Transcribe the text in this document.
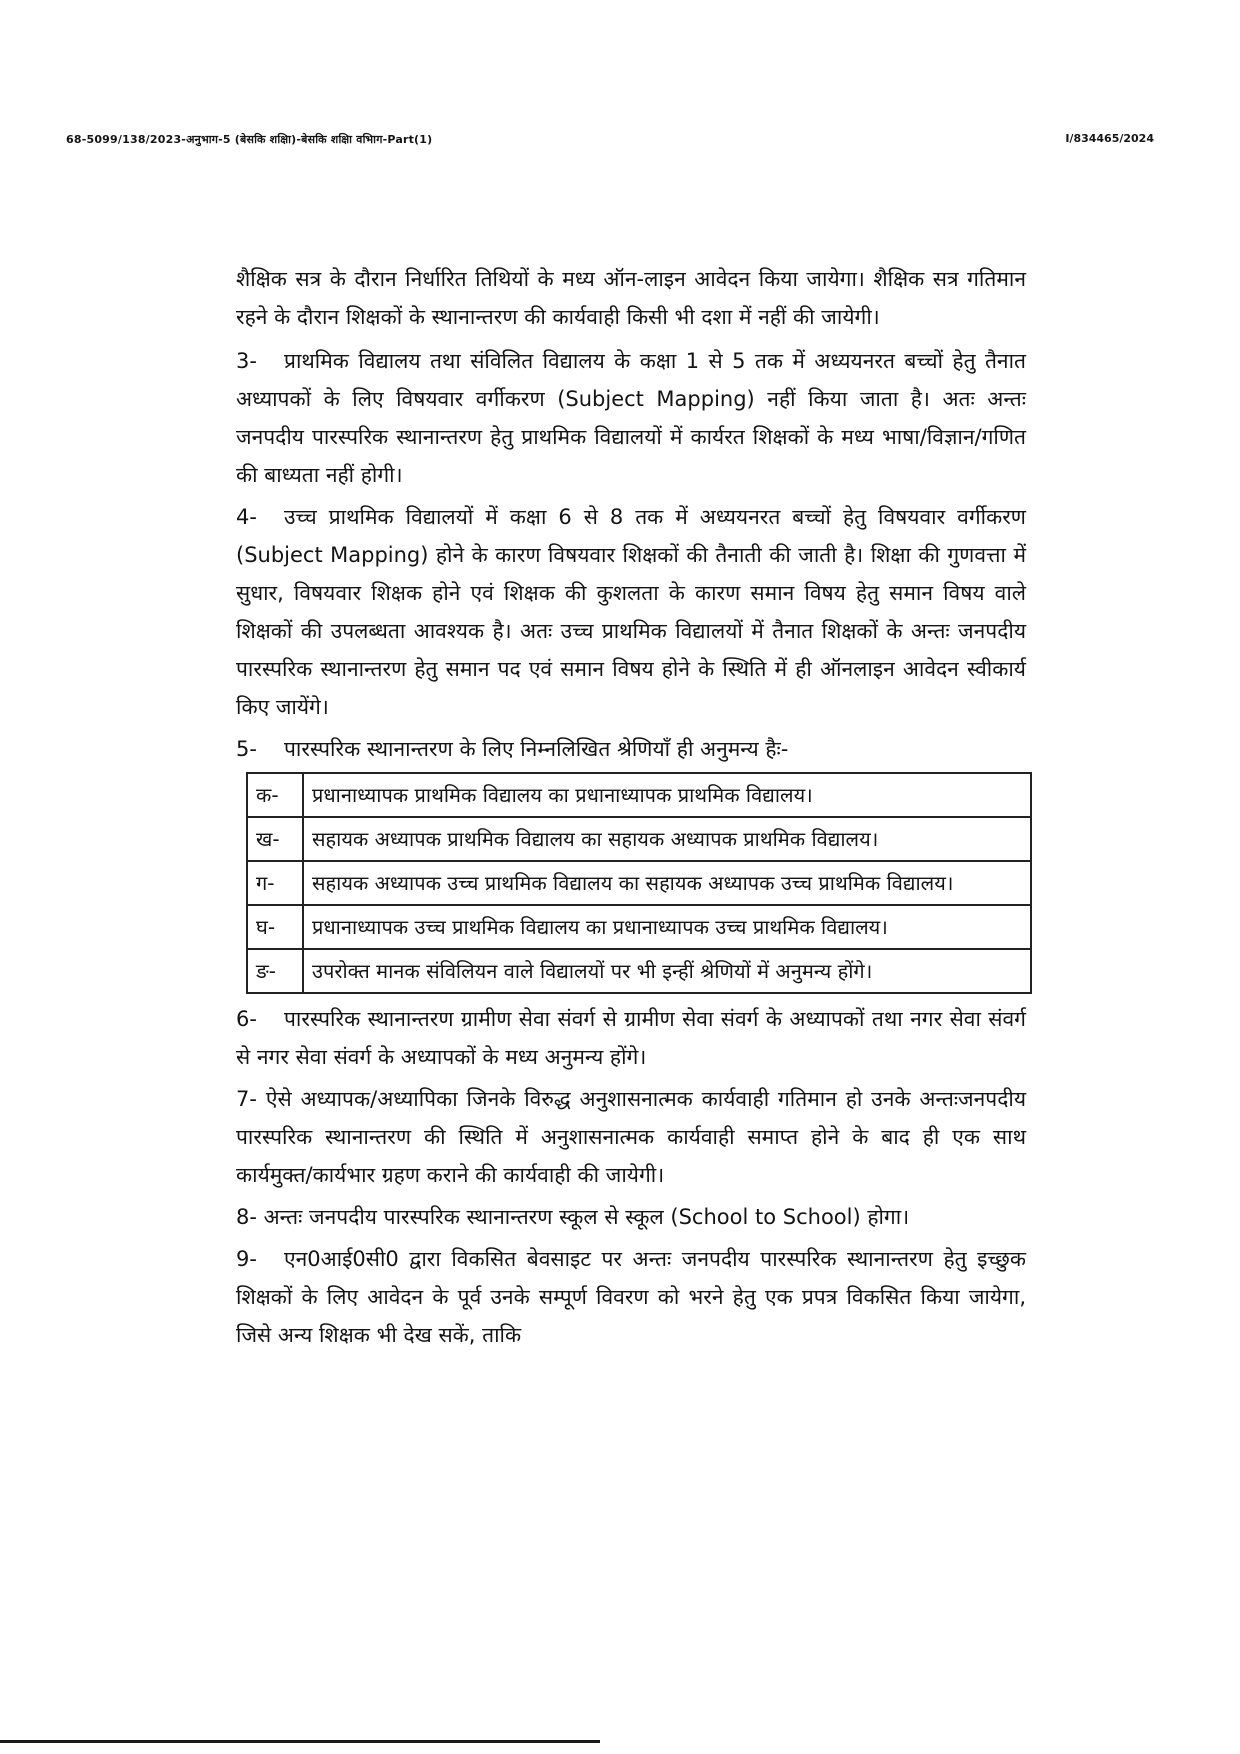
68-5099/138/2023-अनुभाग-5 (बेसकि शक्षिा)-बेसकि शक्षिा वभिाग-Part(1)	I/834465/2024

शैक्षिक सत्र के दौरान निर्धारित तिथियों के मध्य ऑन-लाइन आवेदन किया जायेगा। शैक्षिक सत्र गतिमान रहने के दौरान शिक्षकों के स्थानान्तरण की कार्यवाही किसी भी दशा में नहीं की जायेगी।

3- प्राथमिक विद्यालय तथा संविलित विद्यालय के कक्षा 1 से 5 तक में अध्ययनरत बच्चों हेतु तैनात अध्यापकों के लिए विषयवार वर्गीकरण (Subject Mapping) नहीं किया जाता है। अतः अन्तः जनपदीय पारस्परिक स्थानान्तरण हेतु प्राथमिक विद्यालयों में कार्यरत शिक्षकों के मध्य भाषा/विज्ञान/गणित की बाध्यता नहीं होगी।

4- उच्च प्राथमिक विद्यालयों में कक्षा 6 से 8 तक में अध्ययनरत बच्चों हेतु विषयवार वर्गीकरण (Subject Mapping) होने के कारण विषयवार शिक्षकों की तैनाती की जाती है। शिक्षा की गुणवत्ता में सुधार, विषयवार शिक्षक होने एवं शिक्षक की कुशलता के कारण समान विषय हेतु समान विषय वाले शिक्षकों की उपलब्धता आवश्यक है। अतः उच्च प्राथमिक विद्यालयों में तैनात शिक्षकों के अन्तः जनपदीय पारस्परिक स्थानान्तरण हेतु समान पद एवं समान विषय होने के स्थिति में ही ऑनलाइन आवेदन स्वीकार्य किए जायेंगे।

5- पारस्परिक स्थानान्तरण के लिए निम्नलिखित श्रेणियाँ ही अनुमन्य हैः-

क-	प्रधानाध्यापक प्राथमिक विद्यालय का प्रधानाध्यापक प्राथमिक विद्यालय।
ख-	सहायक अध्यापक प्राथमिक विद्यालय का सहायक अध्यापक प्राथमिक विद्यालय।
ग-	सहायक अध्यापक उच्च प्राथमिक विद्यालय का सहायक अध्यापक उच्च प्राथमिक विद्यालय।
घ-	प्रधानाध्यापक उच्च प्राथमिक विद्यालय का प्रधानाध्यापक उच्च प्राथमिक विद्यालय।
ङ-	उपरोक्त मानक संविलियन वाले विद्यालयों पर भी इन्हीं श्रेणियों में अनुमन्य होंगे।

6- पारस्परिक स्थानान्तरण ग्रामीण सेवा संवर्ग से ग्रामीण सेवा संवर्ग के अध्यापकों तथा नगर सेवा संवर्ग से नगर सेवा संवर्ग के अध्यापकों के मध्य अनुमन्य होंगे।

7- ऐसे अध्यापक/अध्यापिका जिनके विरुद्ध अनुशासनात्मक कार्यवाही गतिमान हो उनके अन्तःजनपदीय पारस्परिक स्थानान्तरण की स्थिति में अनुशासनात्मक कार्यवाही समाप्त होने के बाद ही एक साथ कार्यमुक्त/कार्यभार ग्रहण कराने की कार्यवाही की जायेगी।

8- अन्तः जनपदीय पारस्परिक स्थानान्तरण स्कूल से स्कूल (School to School) होगा।

9- एन0आई0सी0 द्वारा विकसित बेवसाइट पर अन्तः जनपदीय पारस्परिक स्थानान्तरण हेतु इच्छुक शिक्षकों के लिए आवेदन के पूर्व उनके सम्पूर्ण विवरण को भरने हेतु एक प्रपत्र विकसित किया जायेगा, जिसे अन्य शिक्षक भी देख सकें, ताकि
